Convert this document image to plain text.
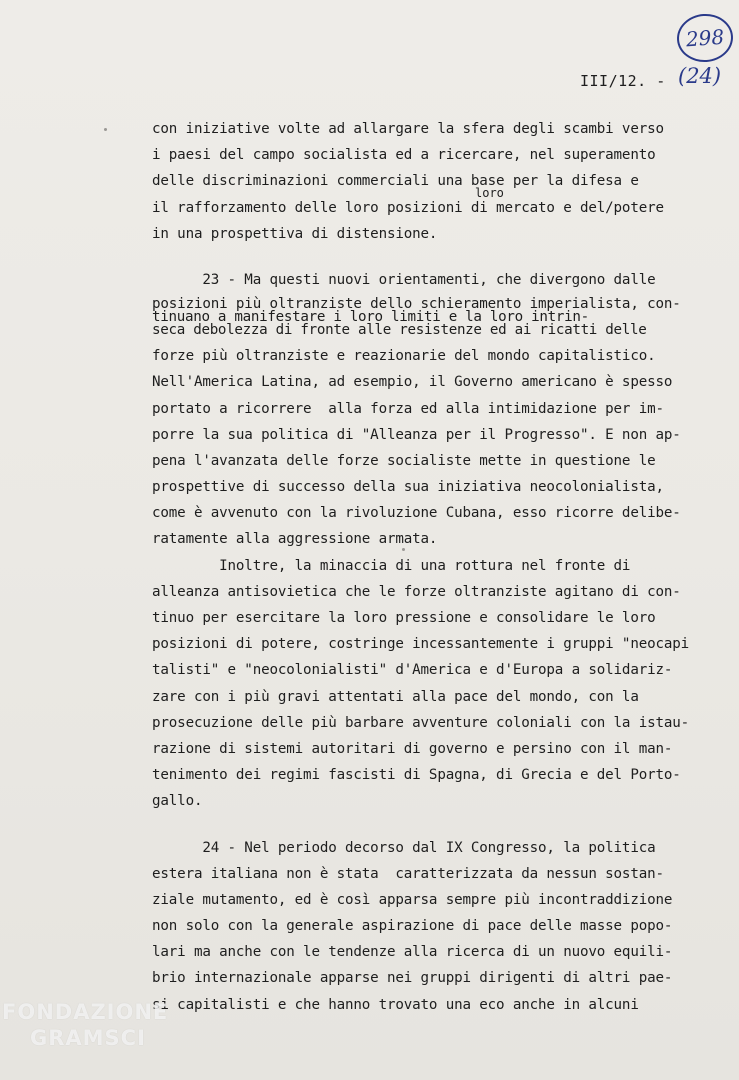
298
III/12. - (24)
loro
con iniziative volte ad allargare la sfera degli scambi verso
i paesi del campo socialista ed a ricercare, nel superamento
delle discriminazioni commerciali una base per la difesa e
il rafforzamento delle loro posizioni di mercato e del/potere
in una prospettiva di distensione.
23 - Ma questi nuovi orientamenti, che divergono dalle
posizioni più oltranziste dello schieramento imperialista, con-
tinuano a manifestare i loro limiti e la loro intrin-
seca debolezza di fronte alle resistenze ed ai ricatti delle
forze più oltranziste e reazionarie del mondo capitalistico.
Nell'America Latina, ad esempio, il Governo americano è spesso
portato a ricorrere  alla forza ed alla intimidazione per im-
porre la sua politica di "Alleanza per il Progresso". E non ap-
pena l'avanzata delle forze socialiste mette in questione le
prospettive di successo della sua iniziativa neocolonialista,
come è avvenuto con la rivoluzione Cubana, esso ricorre delibe-
ratamente alla aggressione armata.
Inoltre, la minaccia di una rottura nel fronte di
alleanza antisovietica che le forze oltranziste agitano di con-
tinuo per esercitare la loro pressione e consolidare le loro
posizioni di potere, costringe incessantemente i gruppi "neocapi
talisti" e "neocolonialisti" d'America e d'Europa a solidariz-
zare con i più gravi attentati alla pace del mondo, con la
prosecuzione delle più barbare avventure coloniali con la istau-
razione di sistemi autoritari di governo e persino con il man-
tenimento dei regimi fascisti di Spagna, di Grecia e del Porto-
gallo.
24 - Nel periodo decorso dal IX Congresso, la politica
estera italiana non è stata  caratterizzata da nessun sostan-
ziale mutamento, ed è così apparsa sempre più incontraddizione
non solo con la generale aspirazione di pace delle masse popo-
lari ma anche con le tendenze alla ricerca di un nuovo equili-
brio internazionale apparse nei gruppi dirigenti di altri pae-
si capitalisti e che hanno trovato una eco anche in alcuni
FONDAZIONE
GRAMSCI
